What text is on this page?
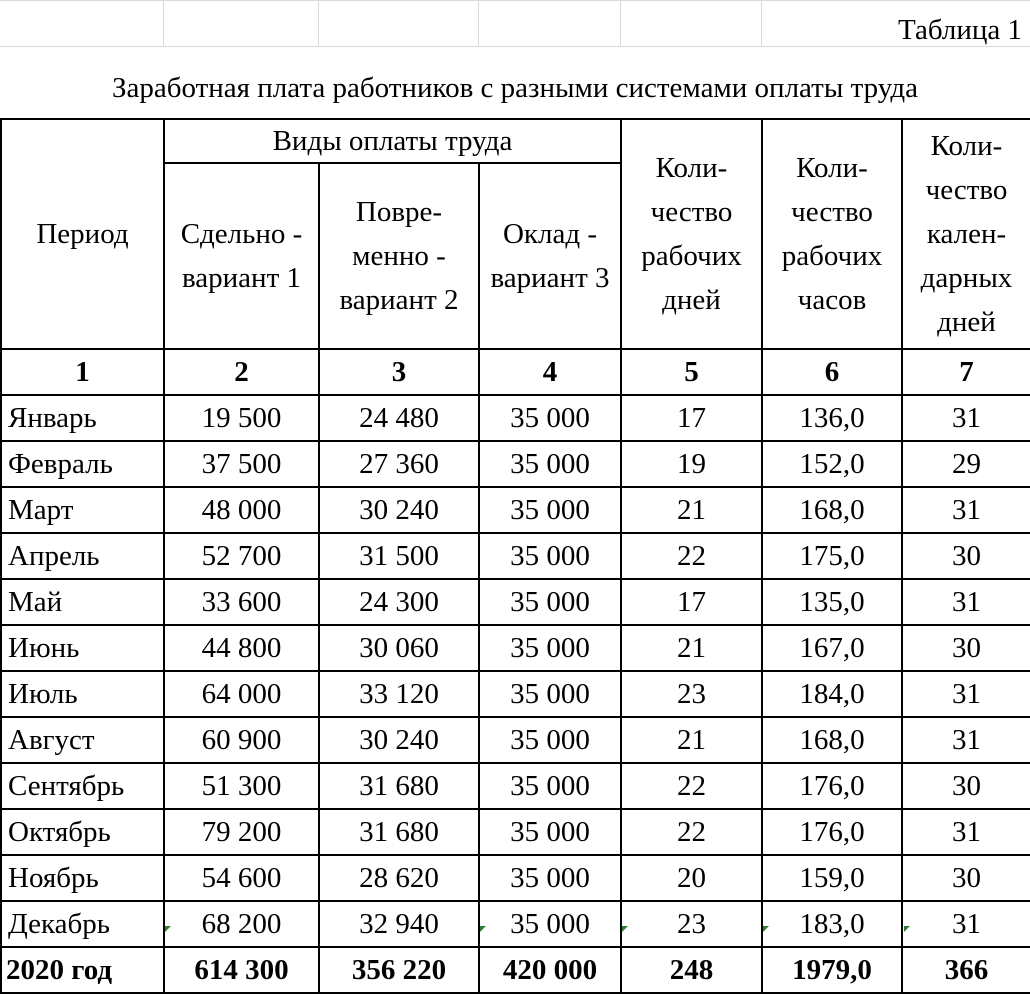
Таблица 1
Заработная плата работников с разными системами оплаты труда
Период	Виды оплаты труда			Коли- чество рабочих дней	Коли- чество рабочих часов	Коли- чество кален- дарных дней
	Сдельно - вариант 1	Повре- менно - вариант 2	Оклад - вариант 3			
1	2	3	4	5	6	7
Январь	19 500	24 480	35 000	17	136,0	31
Февраль	37 500	27 360	35 000	19	152,0	29
Март	48 000	30 240	35 000	21	168,0	31
Апрель	52 700	31 500	35 000	22	175,0	30
Май	33 600	24 300	35 000	17	135,0	31
Июнь	44 800	30 060	35 000	21	167,0	30
Июль	64 000	33 120	35 000	23	184,0	31
Август	60 900	30 240	35 000	21	168,0	31
Сентябрь	51 300	31 680	35 000	22	176,0	30
Октябрь	79 200	31 680	35 000	22	176,0	31
Ноябрь	54 600	28 620	35 000	20	159,0	30
Декабрь	68 200	32 940	35 000	23	183,0	31
2020 год	614 300	356 220	420 000	248	1979,0	366
